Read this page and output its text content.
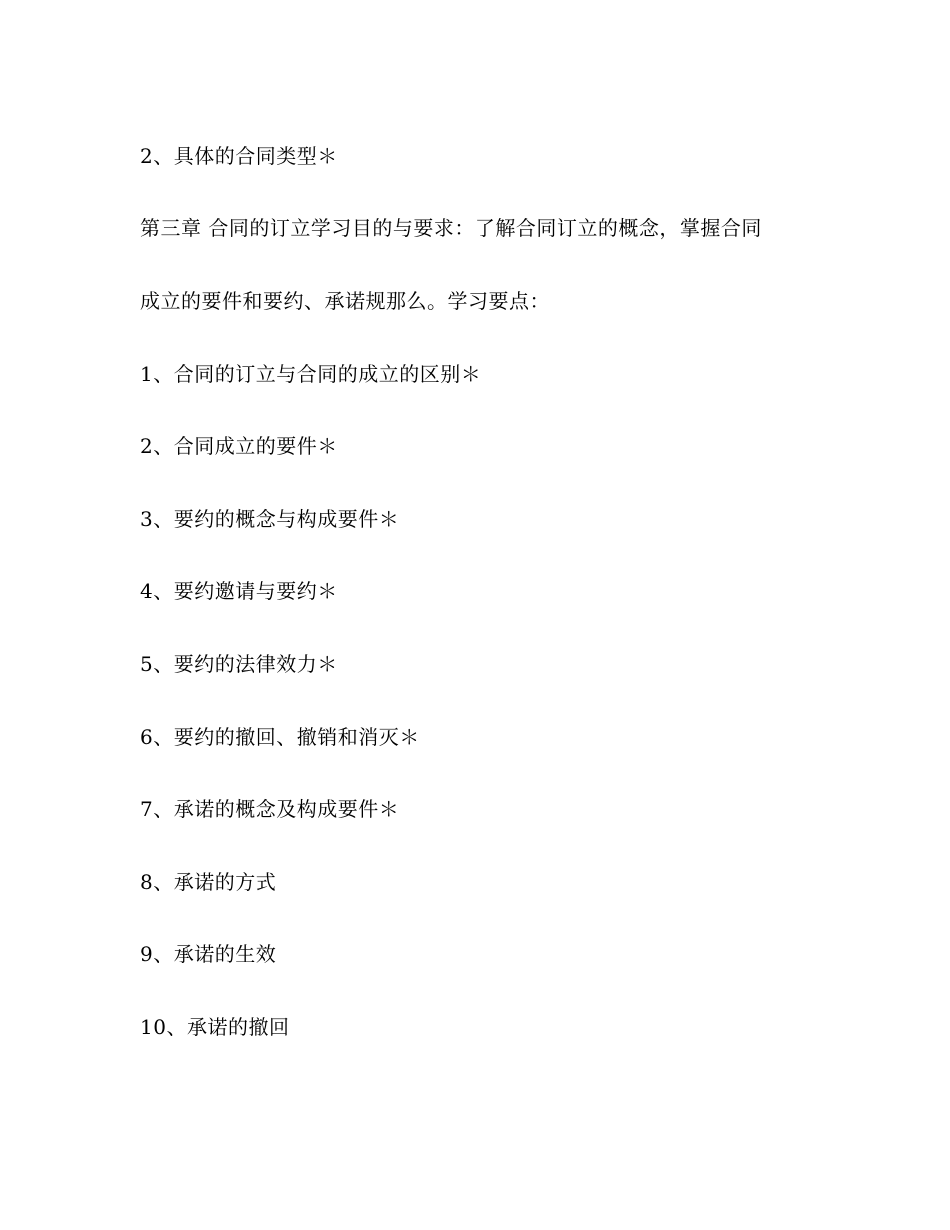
2、具体的合同类型＊
第三章 合同的订立学习目的与要求：了解合同订立的概念，掌握合同
成立的要件和要约、承诺规那么。学习要点：
1、合同的订立与合同的成立的区别＊
2、合同成立的要件＊
3、要约的概念与构成要件＊
4、要约邀请与要约＊
5、要约的法律效力＊
6、要约的撤回、撤销和消灭＊
7、承诺的概念及构成要件＊
8、承诺的方式
9、承诺的生效
10、承诺的撤回
